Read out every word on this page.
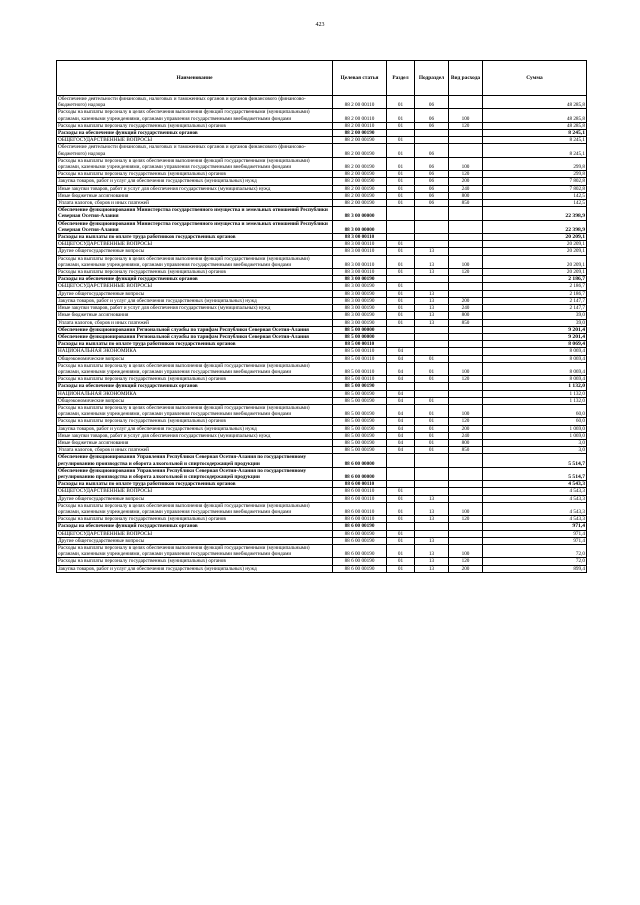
423
Наименование	Целевая статья	Раздел	Подраздел	Вид расхода	Сумма
Обеспечение деятельности финансовых, налоговых и таможенных органов и органов финансового (финансово-бюджетного) надзора	88 2 00 00110	01	06		48 285,8
Расходы на выплаты персоналу в целях обеспечения выполнения функций государственными (муниципальными) органами, казенными учреждениями, органами управления государственными внебюджетными фондами	88 2 00 00110	01	06	100	48 285,8
Расходы на выплаты персоналу государственных (муниципальных) органов	88 2 00 00110	01	06	120	48 285,8
Расходы на обеспечение функций государственных органов	88 2 00 00190				8 245,1
ОБЩЕГОСУДАРСТВЕННЫЕ ВОПРОСЫ	88 2 00 00190	01			8 245,1
Обеспечение деятельности финансовых, налоговых и таможенных органов и органов финансового (финансово-бюджетного) надзора	88 2 00 00190	01	06		8 245,1
Расходы на выплаты персоналу в целях обеспечения выполнения функций государственными (муниципальными) органами, казенными учреждениями, органами управления государственными внебюджетными фондами	88 2 00 00190	01	06	100	299,8
Расходы на выплаты персоналу государственных (муниципальных) органов	88 2 00 00190	01	06	120	299,8
Закупка товаров, работ и услуг для обеспечения государственных (муниципальных) нужд	88 2 00 00190	01	06	200	7 802,8
Иные закупки товаров, работ и услуг для обеспечения государственных (муниципальных) нужд	88 2 00 00190	01	06	240	7 802,8
Иные бюджетные ассигнования	88 2 00 00190	01	06	800	142,5
Уплата налогов, сборов и иных платежей	88 2 00 00190	01	06	850	142,5
Обеспечение функционирования Министерства государственного имущества и земельных отношений Республики Северная Осетия-Алания	88 3 00 00000				22 398,9
Обеспечение функционирования Министерства государственного имущества и земельных отношений Республики Северная Осетия-Алания	88 3 00 00000				22 398,9
Расходы на выплаты по оплате труда работников государственных органов	88 3 00 00110				20 209,1
ОБЩЕГОСУДАРСТВЕННЫЕ ВОПРОСЫ	88 3 00 00110	01			20 209,1
Другие общегосударственные вопросы	88 3 00 00110	01	13		20 209,1
Расходы на выплаты персоналу в целях обеспечения выполнения функций государственными (муниципальными) органами, казенными учреждениями, органами управления государственными внебюджетными фондами	88 3 00 00110	01	13	100	20 209,1
Расходы на выплаты персоналу государственных (муниципальных) органов	88 3 00 00110	01	13	120	20 209,1
Расходы на обеспечение функций государственных органов	88 3 00 00190				2 186,7
ОБЩЕГОСУДАРСТВЕННЫЕ ВОПРОСЫ	88 3 00 00190	01			2 186,7
Другие общегосударственные вопросы	88 3 00 00190	01	13		2 186,7
Закупка товаров, работ и услуг для обеспечения государственных (муниципальных) нужд	88 3 00 00190	01	13	200	2 147,7
Иные закупки товаров, работ и услуг для обеспечения государственных (муниципальных) нужд	88 3 00 00190	01	13	240	2 147,7
Иные бюджетные ассигнования	88 3 00 00190	01	13	800	39,0
Уплата налогов, сборов и иных платежей	88 3 00 00190	01	13	850	39,0
Обеспечение функционирования Региональной службы по тарифам Республики Северная Осетия-Алания	88 5 00 00000				9 201,4
Обеспечение функционирования Региональной службы по тарифам Республики Северная Осетия-Алания	88 5 00 00000				9 201,4
Расходы на выплаты по оплате труда работников государственных органов	88 5 00 00110				8 069,4
НАЦИОНАЛЬНАЯ ЭКОНОМИКА	88 5 00 00110	04			8 069,4
Общеэкономические вопросы	88 5 00 00110	04	01		8 069,4
Расходы на выплаты персоналу в целях обеспечения выполнения функций государственными (муниципальными) органами, казенными учреждениями, органами управления государственными внебюджетными фондами	88 5 00 00110	04	01	100	8 069,4
Расходы на выплаты персоналу государственных (муниципальных) органов	88 5 00 00110	04	01	120	8 069,4
Расходы на обеспечение функций государственных органов	88 5 00 00190				1 132,0
НАЦИОНАЛЬНАЯ ЭКОНОМИКА	88 5 00 00190	04			1 132,0
Общеэкономические вопросы	88 5 00 00190	04	01		1 132,0
Расходы на выплаты персоналу в целях обеспечения выполнения функций государственными (муниципальными) органами, казенными учреждениями, органами управления государственными внебюджетными фондами	88 5 00 00190	04	01	100	60,0
Расходы на выплаты персоналу государственных (муниципальных) органов	88 5 00 00190	04	01	120	60,0
Закупка товаров, работ и услуг для обеспечения государственных (муниципальных) нужд	88 5 00 00190	04	01	200	1 069,0
Иные закупки товаров, работ и услуг для обеспечения государственных (муниципальных) нужд	88 5 00 00190	04	01	240	1 069,0
Иные бюджетные ассигнования	88 5 00 00190	04	01	800	3,0
Уплата налогов, сборов и иных платежей	88 5 00 00190	04	01	850	3,0
Обеспечение функционирования Управления Республики Северная Осетия-Алания по государственному регулированию производства и оборота алкогольной и спиртосодержащей продукции	88 6 00 00000				5 514,7
Обеспечение функционирования Управления Республики Северная Осетия-Алания по государственному регулированию производства и оборота алкогольной и спиртосодержащей продукции	88 6 00 00000				5 514,7
Расходы на выплаты по оплате труда работников государственных органов	88 6 00 00110				4 543,3
ОБЩЕГОСУДАРСТВЕННЫЕ ВОПРОСЫ	88 6 00 00110	01			4 543,3
Другие общегосударственные вопросы	88 6 00 00110	01	13		4 543,3
Расходы на выплаты персоналу в целях обеспечения выполнения функций государственными (муниципальными) органами, казенными учреждениями, органами управления государственными внебюджетными фондами	88 6 00 00110	01	13	100	4 543,3
Расходы на выплаты персоналу государственных (муниципальных) органов	88 6 00 00110	01	13	120	4 543,3
Расходы на обеспечение функций государственных органов	88 6 00 00190				971,4
ОБЩЕГОСУДАРСТВЕННЫЕ ВОПРОСЫ	88 6 00 00190	01			971,4
Другие общегосударственные вопросы	88 6 00 00190	01	13		971,4
Расходы на выплаты персоналу в целях обеспечения выполнения функций государственными (муниципальными) органами, казенными учреждениями, органами управления государственными внебюджетными фондами	88 6 00 00190	01	13	100	72,0
Расходы на выплаты персоналу государственных (муниципальных) органов	88 6 00 00190	01	13	120	72,0
Закупка товаров, работ и услуг для обеспечения государственных (муниципальных) нужд	88 6 00 00190	01	13	200	899,4
